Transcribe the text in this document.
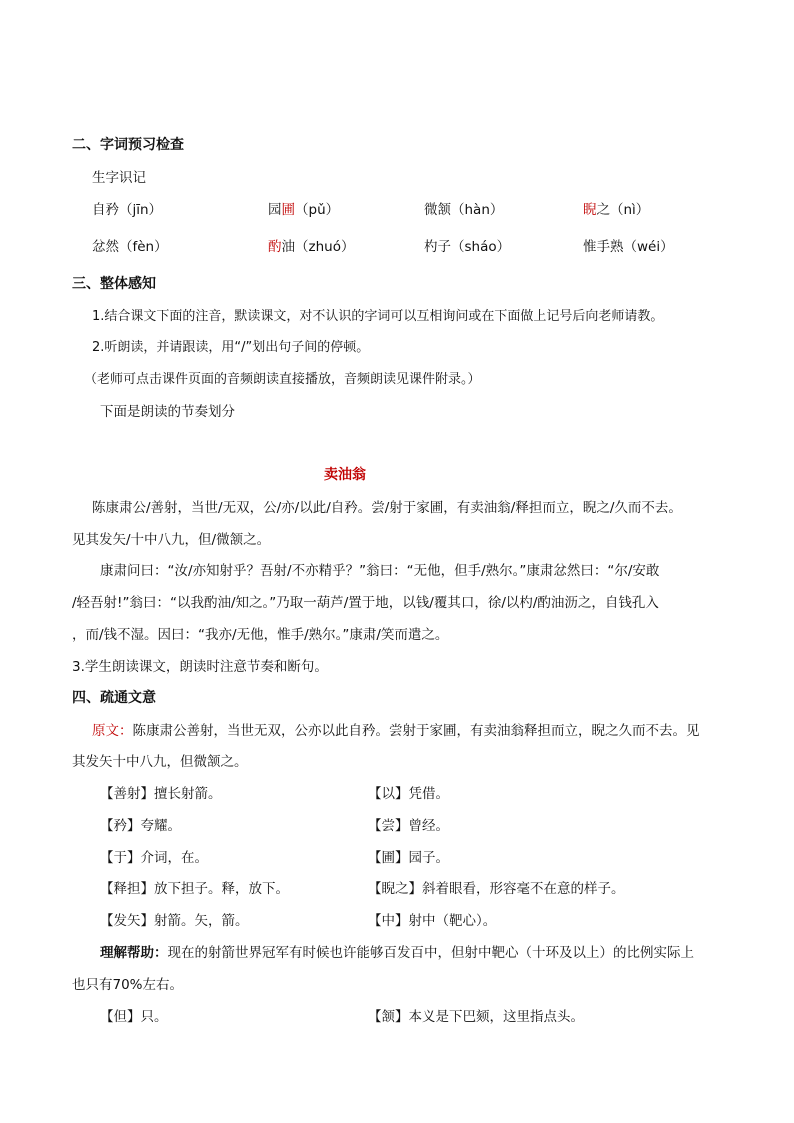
二、字词预习检查
生字识记
自矜（jīn）	园圃（pǔ）	微颔（hàn）	睨之（nì）
忿然（fèn）	酌油（zhuó）	杓子（sháo）	惟手熟（wéi）
三、整体感知
1.结合课文下面的注音，默读课文，对不认识的字词可以互相询问或在下面做上记号后向老师请教。
2.听朗读，并请跟读，用“/”划出句子间的停顿。
（老师可点击课件页面的音频朗读直接播放，音频朗读见课件附录。）
下面是朗读的节奏划分
卖油翁
陈康肃公/善射，当世/无双，公/亦/以此/自矜。尝/射于家圃，有卖油翁/释担而立，睨之/久而不去。
见其发矢/十中八九，但/微颔之。
康肃问曰：“汝/亦知射乎？吾射/不亦精乎？”翁曰：“无他，但手/熟尔。”康肃忿然曰：“尔/安敢
/轻吾射!”翁曰：“以我酌油/知之。”乃取一葫芦/置于地，以钱/覆其口，徐/以杓/酌油沥之，自钱孔入
，而/钱不湿。因曰：“我亦/无他，惟手/熟尔。”康肃/笑而遣之。
3.学生朗读课文，朗读时注意节奏和断句。
四、疏通文意
原文：陈康肃公善射，当世无双，公亦以此自矜。尝射于家圃，有卖油翁释担而立，睨之久而不去。见
其发矢十中八九，但微颔之。
【善射】擅长射箭。	【以】凭借。
【矜】夸耀。	【尝】曾经。
【于】介词，在。	【圃】园子。
【释担】放下担子。释，放下。	【睨之】斜着眼看，形容毫不在意的样子。
【发矢】射箭。矢，箭。	【中】射中（靶心）。
理解帮助：现在的射箭世界冠军有时候也许能够百发百中，但射中靶心（十环及以上）的比例实际上
也只有70%左右。
【但】只。	【颔】本义是下巴颏，这里指点头。
